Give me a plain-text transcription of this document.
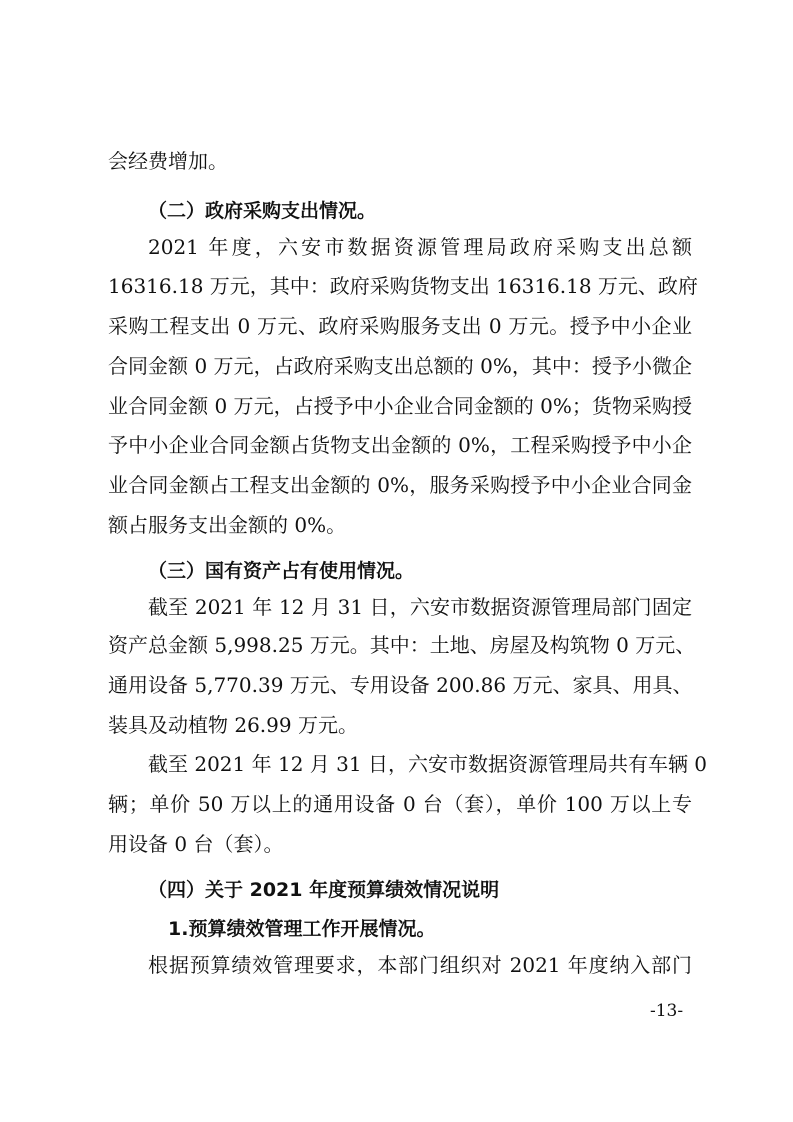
会经费增加。

（二）政府采购支出情况。

2021 年度，六安市数据资源管理局政府采购支出总额

16316.18 万元，其中：政府采购货物支出 16316.18 万元、政府

采购工程支出 0 万元、政府采购服务支出 0 万元。授予中小企业

合同金额 0 万元，占政府采购支出总额的 0%，其中：授予小微企

业合同金额 0 万元，占授予中小企业合同金额的 0%；货物采购授

予中小企业合同金额占货物支出金额的 0%，工程采购授予中小企

业合同金额占工程支出金额的 0%，服务采购授予中小企业合同金

额占服务支出金额的 0%。

（三）国有资产占有使用情况。

截至 2021 年 12 月 31 日，六安市数据资源管理局部门固定

资产总金额 5,998.25 万元。其中：土地、房屋及构筑物 0 万元、

通用设备 5,770.39 万元、专用设备 200.86 万元、家具、用具、

装具及动植物 26.99 万元。

截至 2021 年 12 月 31 日，六安市数据资源管理局共有车辆 0

辆；单价 50 万以上的通用设备 0 台（套），单价 100 万以上专

用设备 0 台（套）。

（四）关于 2021 年度预算绩效情况说明

1.预算绩效管理工作开展情况。

根据预算绩效管理要求，本部门组织对 2021 年度纳入部门

-13-
